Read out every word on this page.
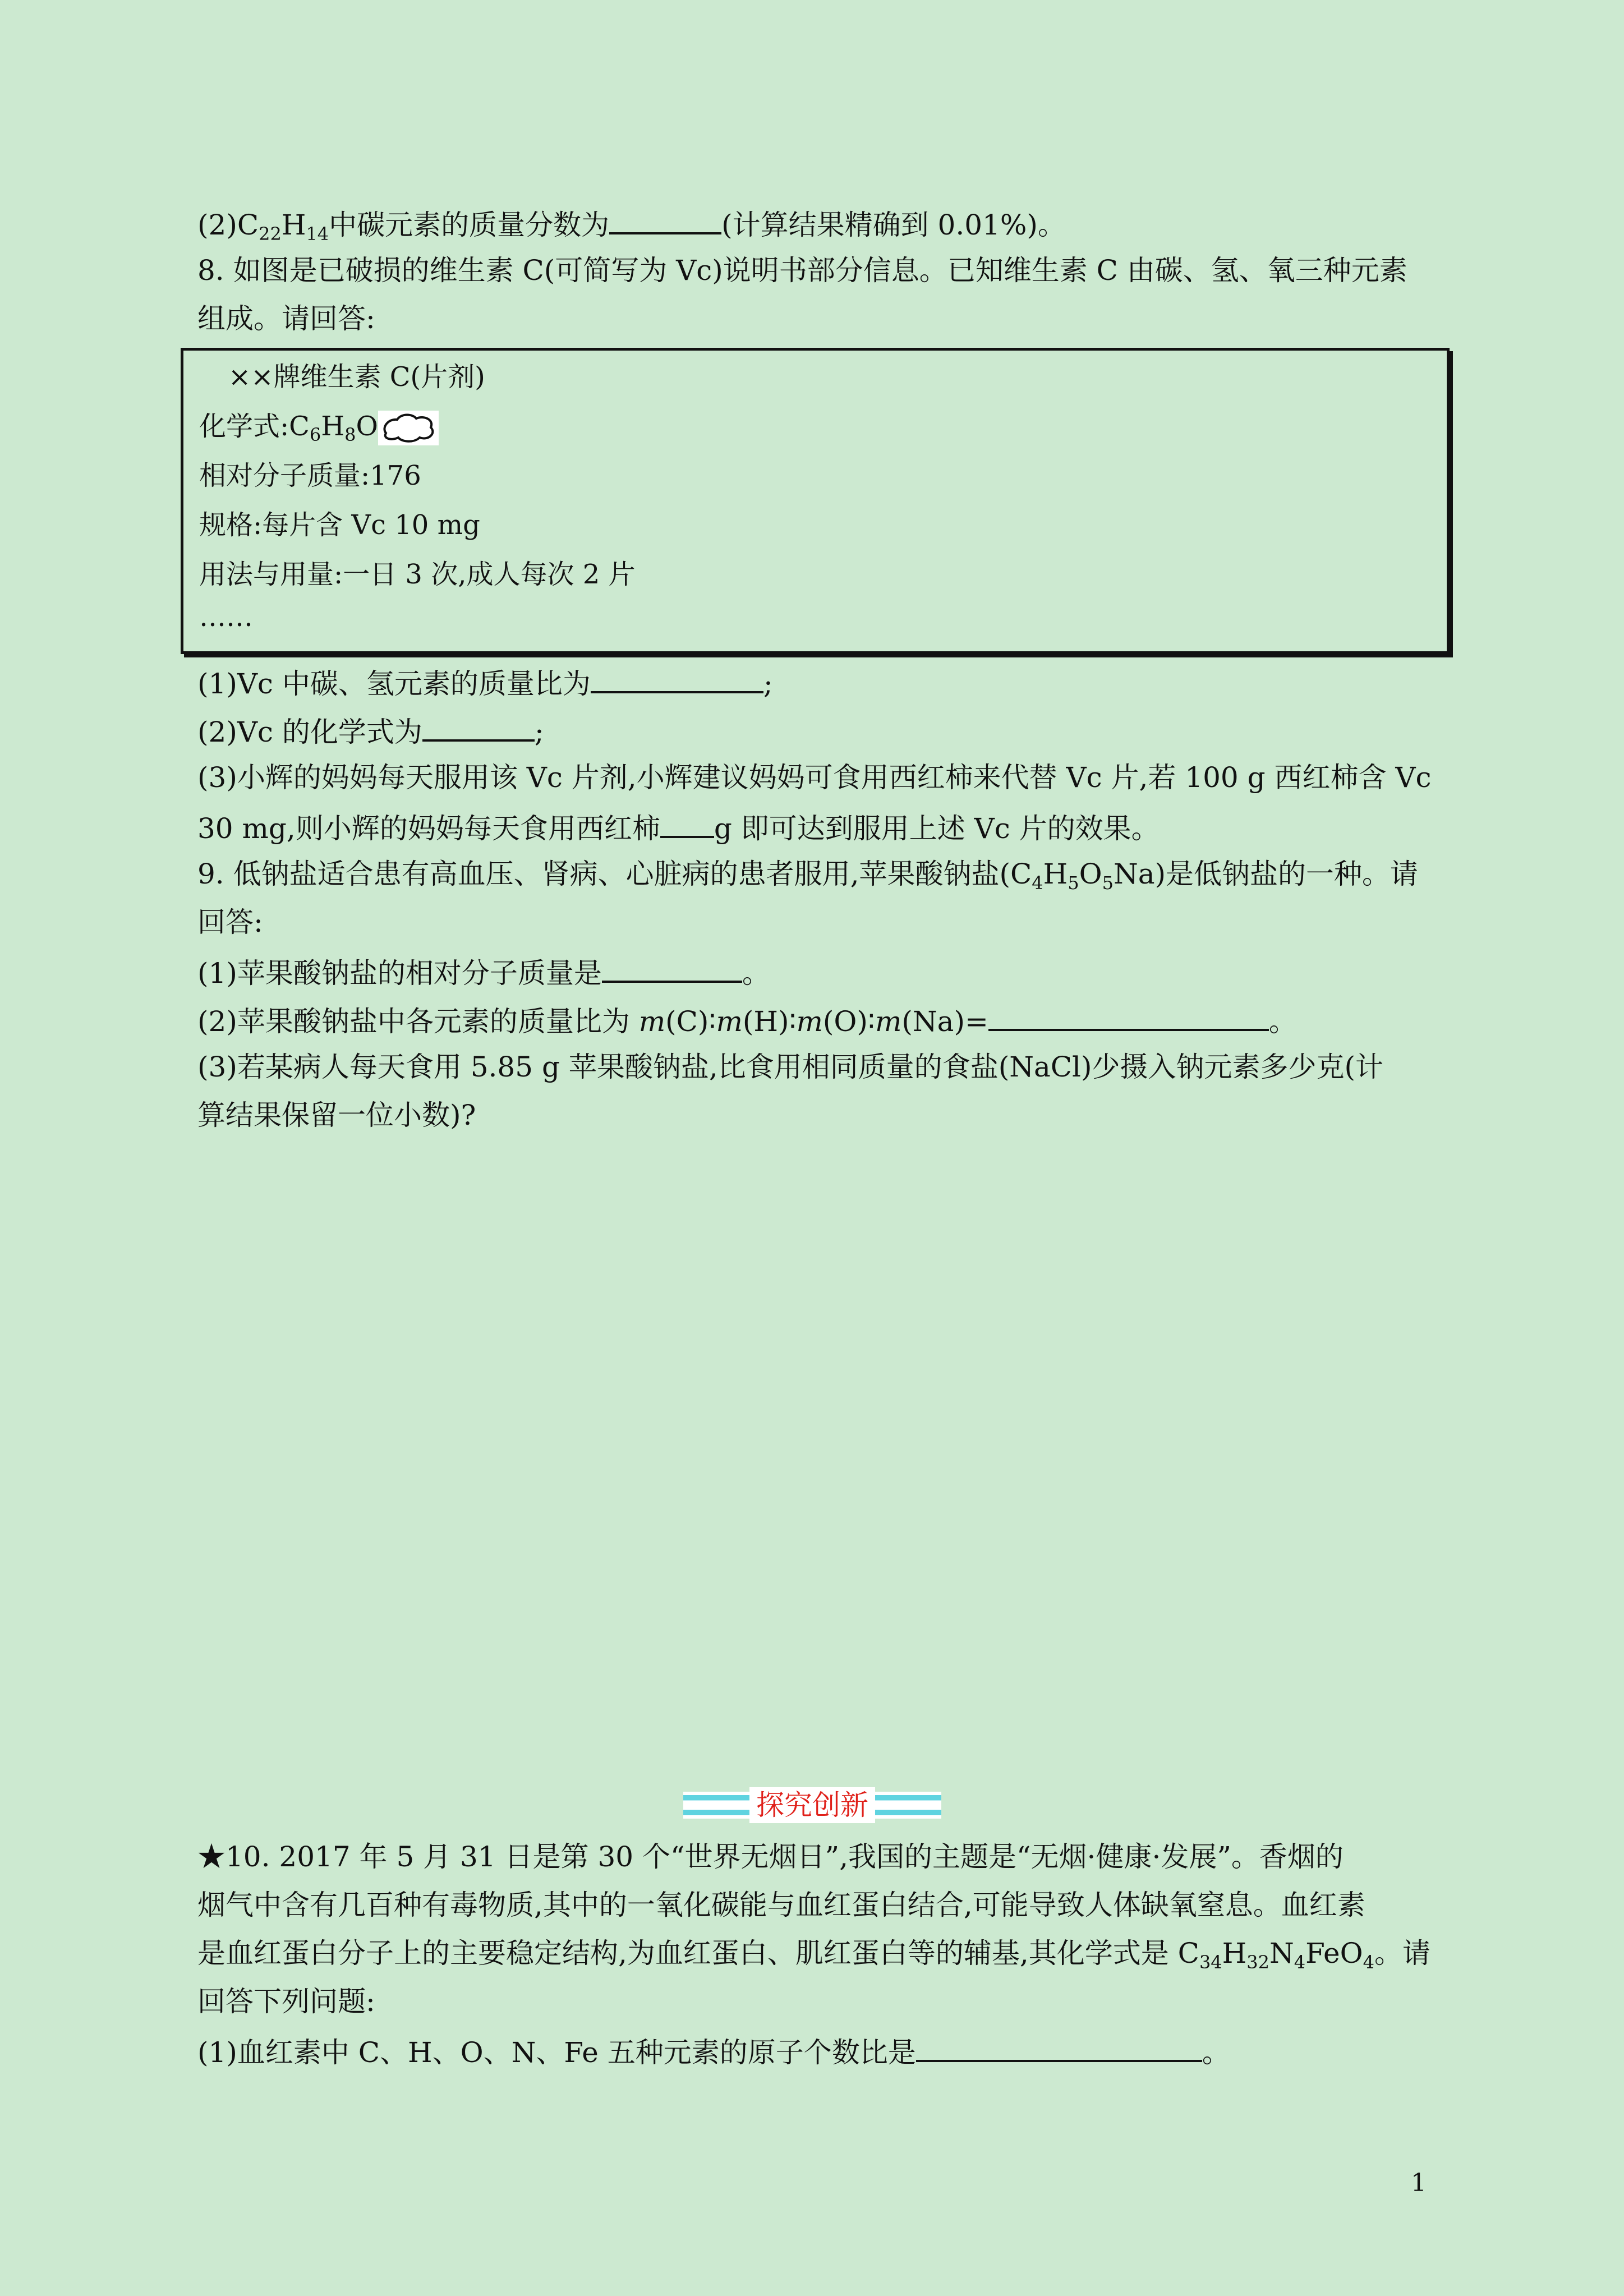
$(2)C_{22}H_{14}$中碳元素的质量分数为	(计算结果精确到 0.01%)。
8. 如图是已破损的维生素 C(可简写为 Vc)说明书部分信息。已知维生素 C 由碳、氢、氧三种元素
组成。请回答:
××牌维生素 C(片剂)
化学式$:C_6H_8O$
相对分子质量:176
规格:每片含 Vc 10 mg
用法与用量:一日 3 次,成人每次 2 片
……
(1)Vc 中碳、氢元素的质量比为	;
(2)Vc 的化学式为	;
(3)小辉的妈妈每天服用该 Vc 片剂,小辉建议妈妈可食用西红柿来代替 Vc 片,若 100 g 西红柿含 Vc
30 mg,则小辉的妈妈每天食用西红柿 g 即可达到服用上述 Vc 片的效果。
9. 低钠盐适合患有高血压、肾病、心脏病的患者服用,苹果酸钠盐$(C_4H_5O_5Na)$是低钠盐的一种。请
回答:
(1)苹果酸钠盐的相对分子质量是	。
(2)苹果酸钠盐中各元素的质量比为 m(C)∶m(H)∶m(O)∶m(Na)=	。
(3)若某病人每天食用 5.85 g 苹果酸钠盐,比食用相同质量的食盐(NaCl)少摄入钠元素多少克(计
算结果保留一位小数)?
探究创新
★10. 2017 年 5 月 31 日是第 30 个“世界无烟日”,我国的主题是“无烟·健康·发展”。香烟的
烟气中含有几百种有毒物质,其中的一氧化碳能与血红蛋白结合,可能导致人体缺氧窒息。血红素
是血红蛋白分子上的主要稳定结构,为血红蛋白、肌红蛋白等的辅基,其化学式是 $C_{34}H_{32}N_4FeO_4$。请
回答下列问题:
(1)血红素中 C、H、O、N、Fe 五种元素的原子个数比是	。
1
